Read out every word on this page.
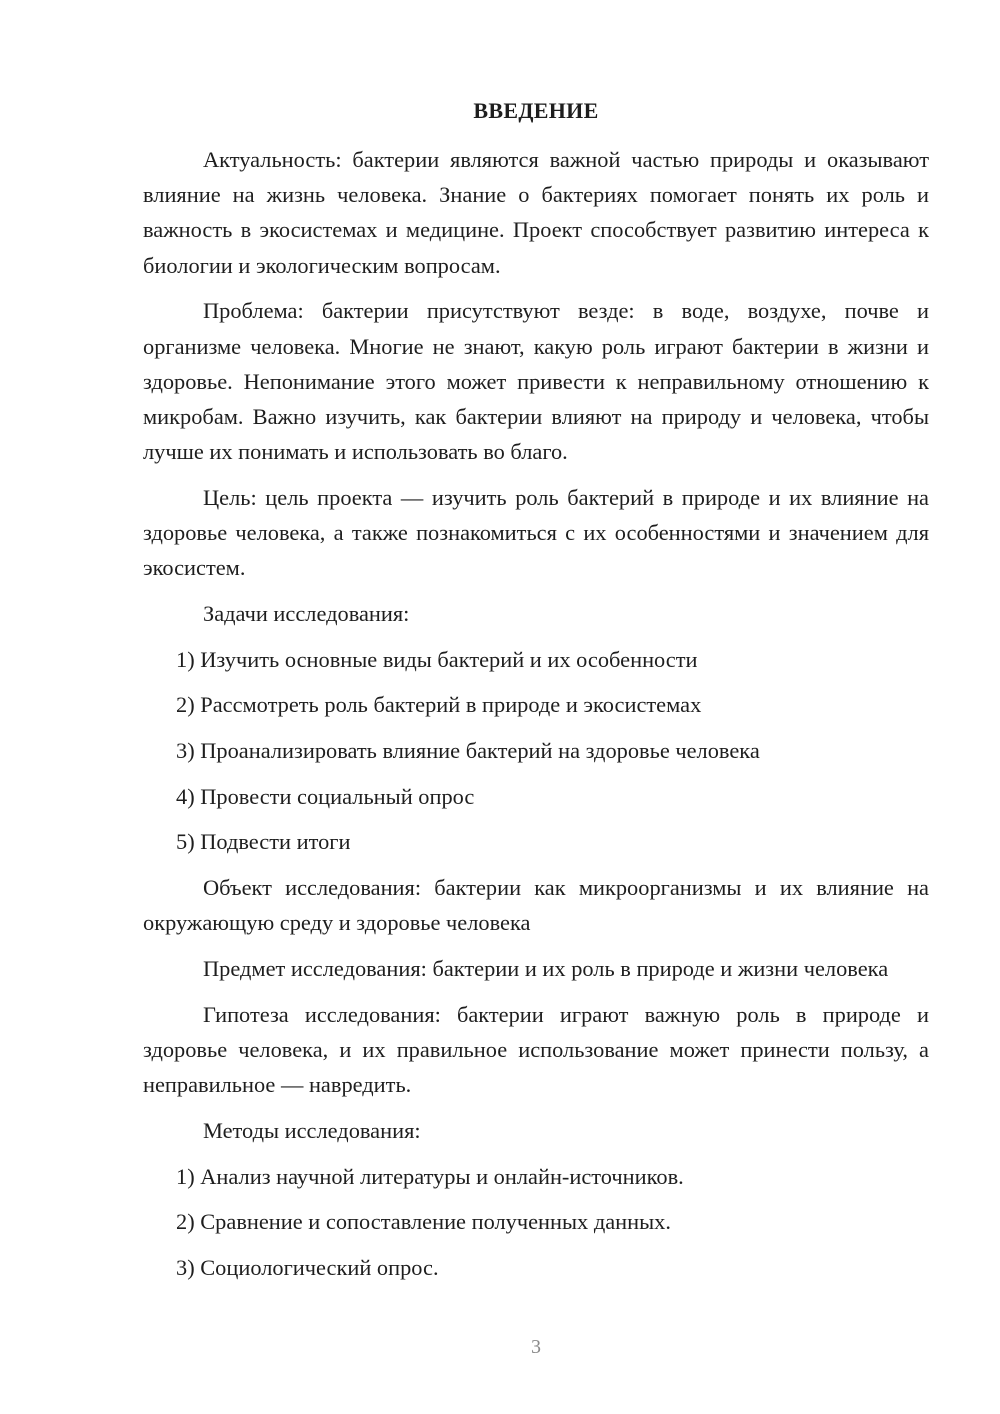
ВВЕДЕНИЕ

Актуальность: бактерии являются важной частью природы и оказывают влияние на жизнь человека. Знание о бактериях помогает понять их роль и важность в экосистемах и медицине. Проект способствует развитию интереса к биологии и экологическим вопросам.

Проблема: бактерии присутствуют везде: в воде, воздухе, почве и организме человека. Многие не знают, какую роль играют бактерии в жизни и здоровье. Непонимание этого может привести к неправильному отношению к микробам. Важно изучить, как бактерии влияют на природу и человека, чтобы лучше их понимать и использовать во благо.

Цель: цель проекта — изучить роль бактерий в природе и их влияние на здоровье человека, а также познакомиться с их особенностями и значением для экосистем.

Задачи исследования:
1) Изучить основные виды бактерий и их особенности
2) Рассмотреть роль бактерий в природе и экосистемах
3) Проанализировать влияние бактерий на здоровье человека
4) Провести социальный опрос
5) Подвести итоги

Объект исследования: бактерии как микроорганизмы и их влияние на окружающую среду и здоровье человека

Предмет исследования: бактерии и их роль в природе и жизни человека

Гипотеза исследования: бактерии играют важную роль в природе и здоровье человека, и их правильное использование может принести пользу, а неправильное — навредить.

Методы исследования:
1) Анализ научной литературы и онлайн-источников.
2) Сравнение и сопоставление полученных данных.
3) Социологический опрос.
3
